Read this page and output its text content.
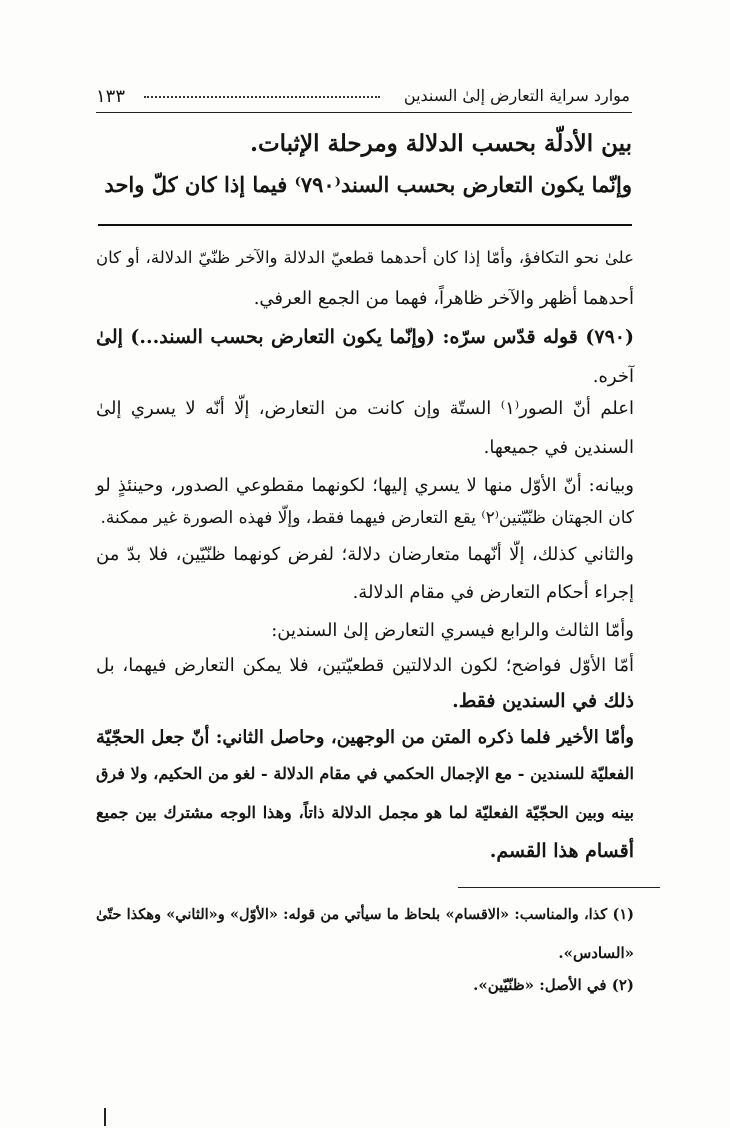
موارد سراية التعارض إلىٰ السندين
١٣٣
بين الأدلّة بحسب الدلالة ومرحلة الإثبات.
وإنّما يكون التعارض بحسب السند⁽٧٩٠⁾ فيما إذا كان كلّ واحد
علىٰ نحو التكافؤ، وأمّا إذا كان أحدهما قطعيّ الدلالة والآخر ظنّيّ الدلالة، أو كان
أحدهما أظهر والآخر ظاهراً، فهما من الجمع العرفي.
(٧٩٠) قوله قدّس سرّه: (وإنّما يكون التعارض بحسب السند...) إلىٰ
آخره.
اعلم أنّ الصور⁽١⁾ الستّة وإن كانت من التعارض، إلّا أنّه لا يسري إلىٰ
السندين في جميعها.
وبيانه: أنّ الأوّل منها لا يسري إليها؛ لكونهما مقطوعي الصدور، وحينئذٍ لو
كان الجهتان ظنّيّتين⁽٢⁾ يقع التعارض فيهما فقط، وإلّا فهذه الصورة غير ممكنة.
والثاني كذلك، إلّا أنّهما متعارضان دلالة؛ لفرض كونهما ظنّيّين، فلا بدّ من
إجراء أحكام التعارض في مقام الدلالة.
وأمّا الثالث والرابع فيسري التعارض إلىٰ السندين:
أمّا الأوّل فواضح؛ لكون الدلالتين قطعيّتين، فلا يمكن التعارض فيهما، بل
ذلك في السندين فقط.
وأمّا الأخير فلما ذكره المتن من الوجهين، وحاصل الثاني: أنّ جعل الحجّيّة
الفعليّة للسندين - مع الإجمال الحكمي في مقام الدلالة - لغو من الحكيم، ولا فرق
بينه وبين الحجّيّة الفعليّة لما هو مجمل الدلالة ذاتاً، وهذا الوجه مشترك بين جميع
أقسام هذا القسم.
(١) كذا، والمناسب: «الاقسام» بلحاظ ما سيأتي من قوله: «الأوّل» و«الثاني» وهكذا حتّىٰ
«السادس».
(٢) في الأصل: «ظنّيّين».
